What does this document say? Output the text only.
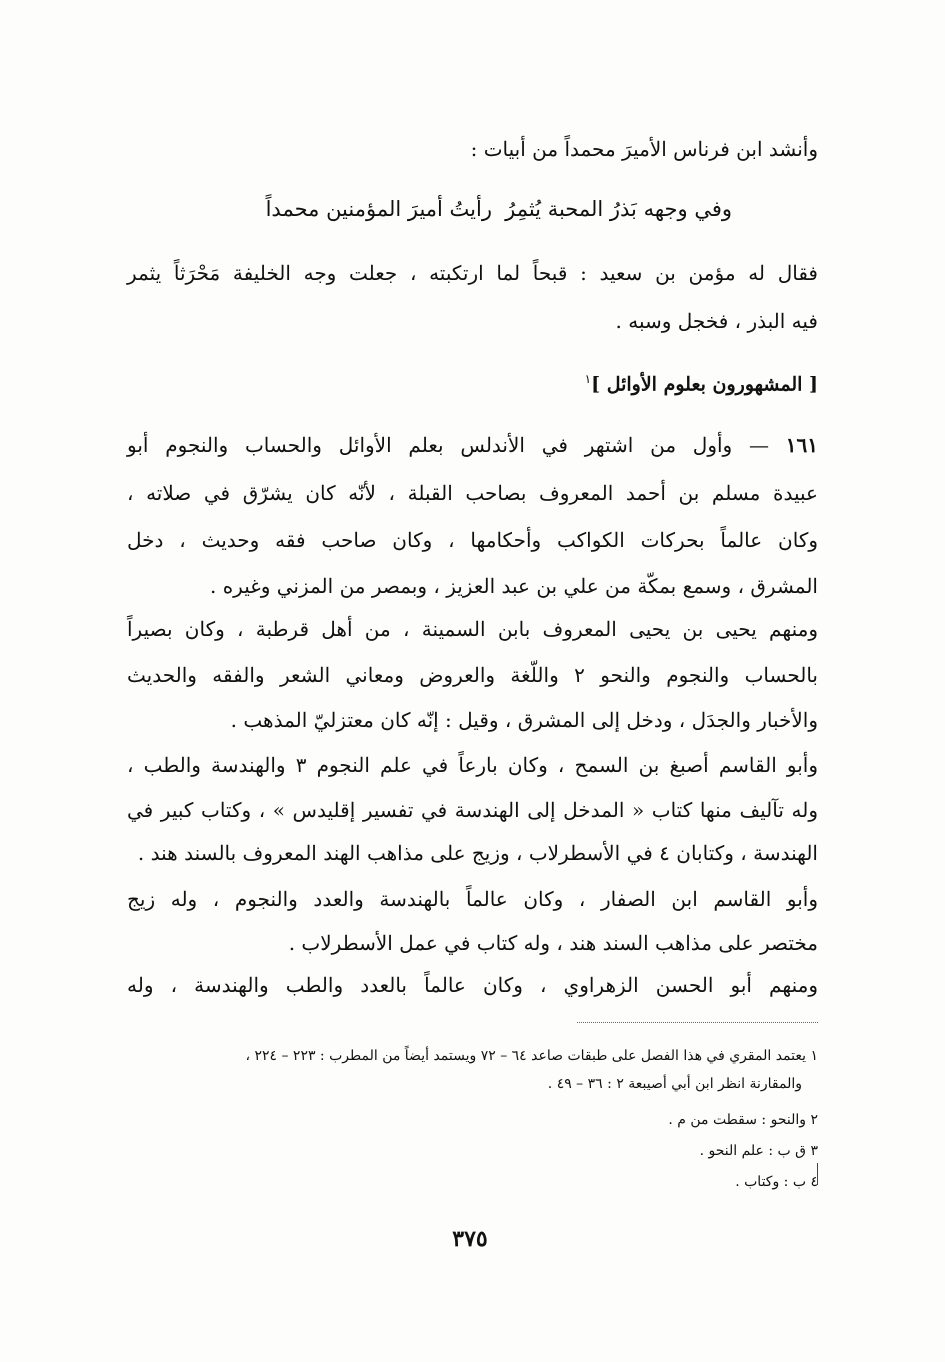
وأنشد ابن فرناس الأميرَ محمداً من أبيات :
رأيتُ أميرَ المؤمنين محمداً وفي وجهه بَذرُ المحبة يُثمِرُ
فقال له مؤمن بن سعيد : قبحاً لما ارتكبته ، جعلت وجه الخليفة مَحْرَثاً يثمر
فيه البذر ، فخجل وسبه .
[ المشهورون بعلوم الأوائل ]$^١$
١٦١ — وأول من اشتهر في الأندلس بعلم الأوائل والحساب والنجوم أبو
عبيدة مسلم بن أحمد المعروف بصاحب القبلة ، لأنّه كان يشرّق في صلاته ،
وكان عالماً بحركات الكواكب وأحكامها ، وكان صاحب فقه وحديث ، دخل
المشرق ، وسمع بمكّة من علي بن عبد العزيز ، وبمصر من المزني وغيره .
ومنهم يحيى بن يحيى المعروف بابن السمينة ، من أهل قرطبة ، وكان بصيراً
بالحساب والنجوم والنحو ٢ واللّغة والعروض ومعاني الشعر والفقه والحديث
والأخبار والجدَل ، ودخل إلى المشرق ، وقيل : إنّه كان معتزليّ المذهب .
وأبو القاسم أصبغ بن السمح ، وكان بارعاً في علم النجوم ٣ والهندسة والطب ،
وله تآليف منها كتاب « المدخل إلى الهندسة في تفسير إقليدس » ، وكتاب كبير في
الهندسة ، وكتابان ٤ في الأسطرلاب ، وزيج على مذاهب الهند المعروف بالسند هند .
وأبو القاسم ابن الصفار ، وكان عالماً بالهندسة والعدد والنجوم ، وله زيج
مختصر على مذاهب السند هند ، وله كتاب في عمل الأسطرلاب .
ومنهم أبو الحسن الزهراوي ، وكان عالماً بالعدد والطب والهندسة ، وله
١ يعتمد المقري في هذا الفصل على طبقات صاعد ٦٤ – ٧٢ ويستمد أيضاً من المطرب : ٢٢٣ – ٢٢٤ ،
والمقارنة انظر ابن أبي أصيبعة ٢ : ٣٦ – ٤٩ .
٢ والنحو : سقطت من م .
٣ ق ب : علم النحو .
٤ ب : وكتاب .
٣٧٥
